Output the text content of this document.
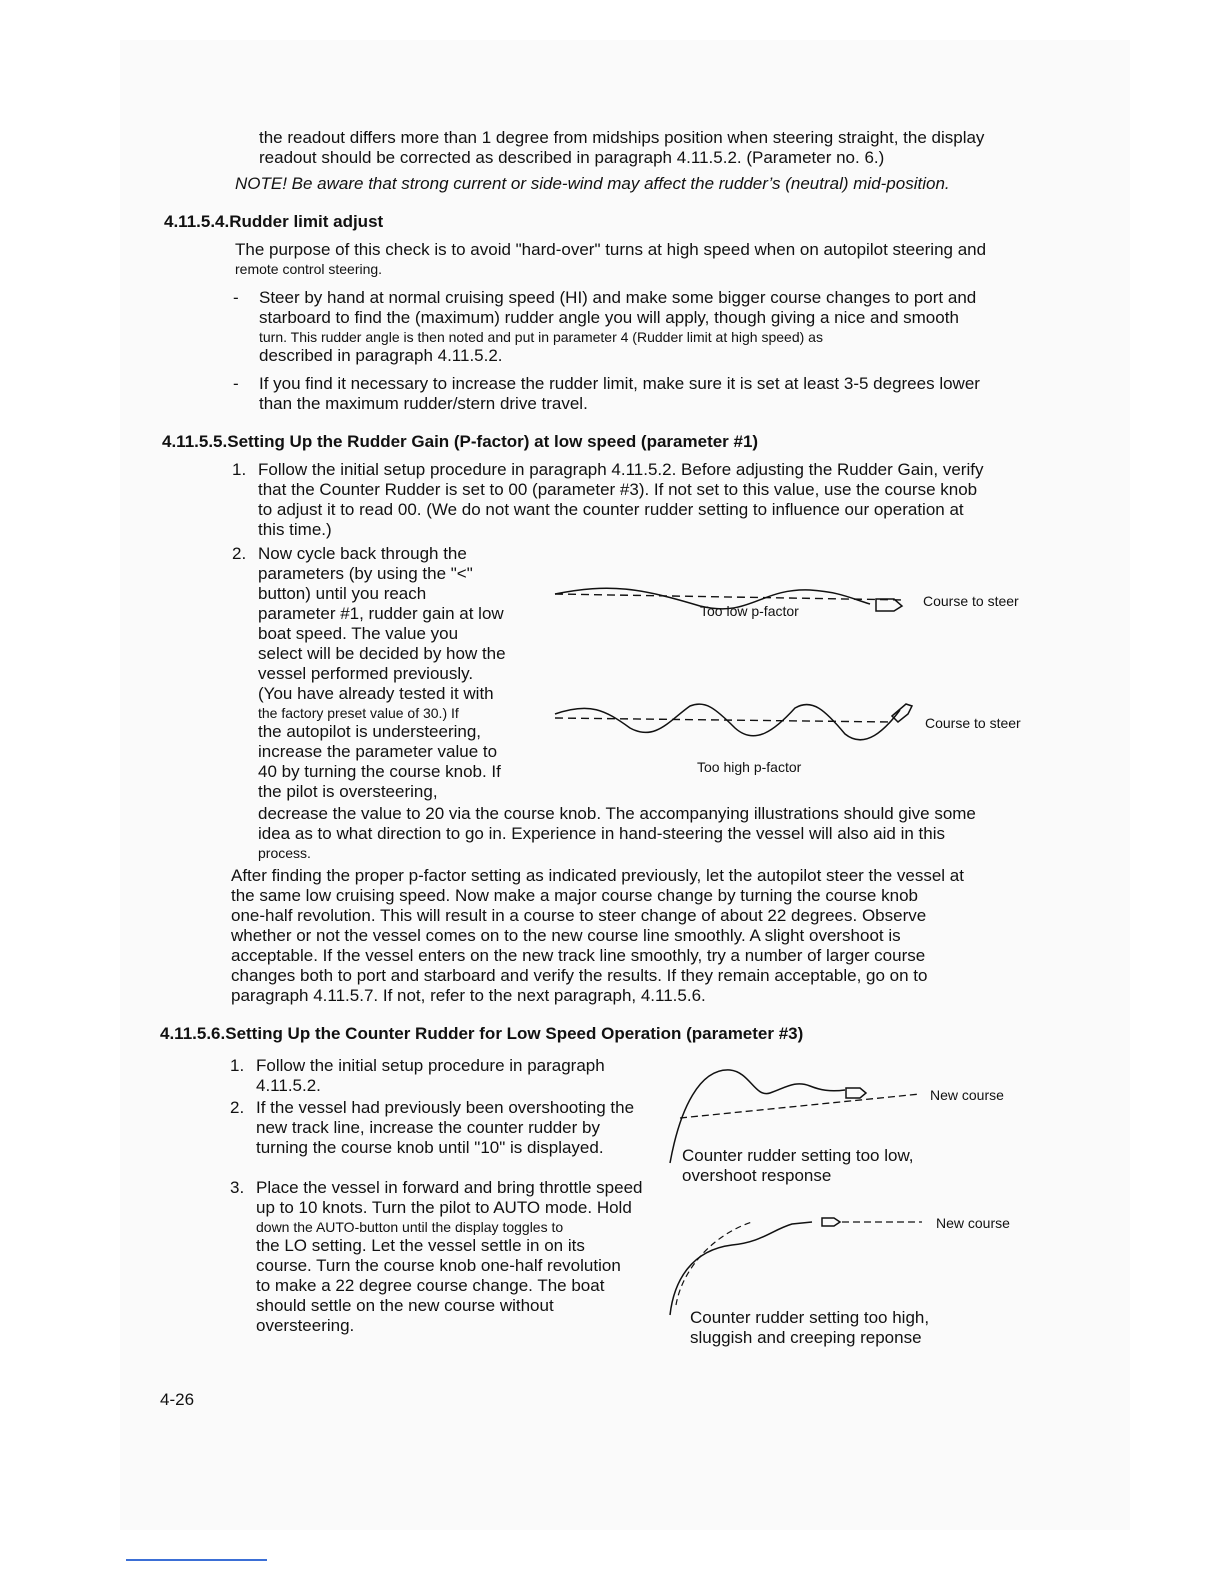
the readout differs more than 1 degree from midships position when steering straight, the display

readout should be corrected as described in paragraph 4.11.5.2. (Parameter no. 6.)

NOTE! Be aware that strong current or side-wind may affect the rudder’s (neutral) mid-position.

4.11.5.4.Rudder limit adjust

The purpose of this check is to avoid "hard-over" turns at high speed when on autopilot steering and

remote control steering.

- Steer by hand at normal cruising speed (HI) and make some bigger course changes to port and

starboard to find the (maximum) rudder angle you will apply, though giving a nice and smooth

turn. This rudder angle is then noted and put in parameter 4 (Rudder limit at high speed) as

described in paragraph 4.11.5.2.

- If you find it necessary to increase the rudder limit, make sure it is set at least 3-5 degrees lower

than the maximum rudder/stern drive travel.

4.11.5.5.Setting Up the Rudder Gain (P-factor) at low speed (parameter #1)
1. Follow the initial setup procedure in paragraph 4.11.5.2. Before adjusting the Rudder Gain, verify

that the Counter Rudder is set to 00 (parameter #3). If not set to this value, use the course knob

to adjust it to read 00. (We do not want the counter rudder setting to influence our operation at

this time.)

2. Now cycle back through the

parameters (by using the "<"

button) until you reach

parameter #1, rudder gain at low

boat speed. The value you

select will be decided by how the

vessel performed previously.

(You have already tested it with

the factory preset value of 30.) If

the autopilot is understeering,

increase the parameter value to

40 by turning the course knob. If

the pilot is oversteering,

decrease the value to 20 via the course knob. The accompanying illustrations should give some

idea as to what direction to go in. Experience in hand-steering the vessel will also aid in this

process.

After finding the proper p-factor setting as indicated previously, let the autopilot steer the vessel at

the same low cruising speed. Now make a major course change by turning the course knob

one-half revolution. This will result in a course to steer change of about 22 degrees. Observe

whether or not the vessel comes on to the new course line smoothly. A slight overshoot is

acceptable. If the vessel enters on the new track line smoothly, try a number of larger course

changes both to port and starboard and verify the results. If they remain acceptable, go on to

paragraph 4.11.5.7. If not, refer to the next paragraph, 4.11.5.6.

Too low p-factor
Course to steer
Too high p-factor
Course to steer
4.11.5.6.Setting Up the Counter Rudder for Low Speed Operation (parameter #3)
1. Follow the initial setup procedure in paragraph

4.11.5.2.

2. If the vessel had previously been overshooting the

new track line, increase the counter rudder by

turning the course knob until "10" is displayed.

3. Place the vessel in forward and bring throttle speed

up to 10 knots. Turn the pilot to AUTO mode. Hold

down the AUTO-button until the display toggles to

the LO setting. Let the vessel settle in on its

course. Turn the course knob one-half revolution

to make a 22 degree course change. The boat

should settle on the new course without

oversteering.

New course

Counter rudder setting too low,

overshoot response

New course

Counter rudder setting too high,

sluggish and creeping reponse

4-26
